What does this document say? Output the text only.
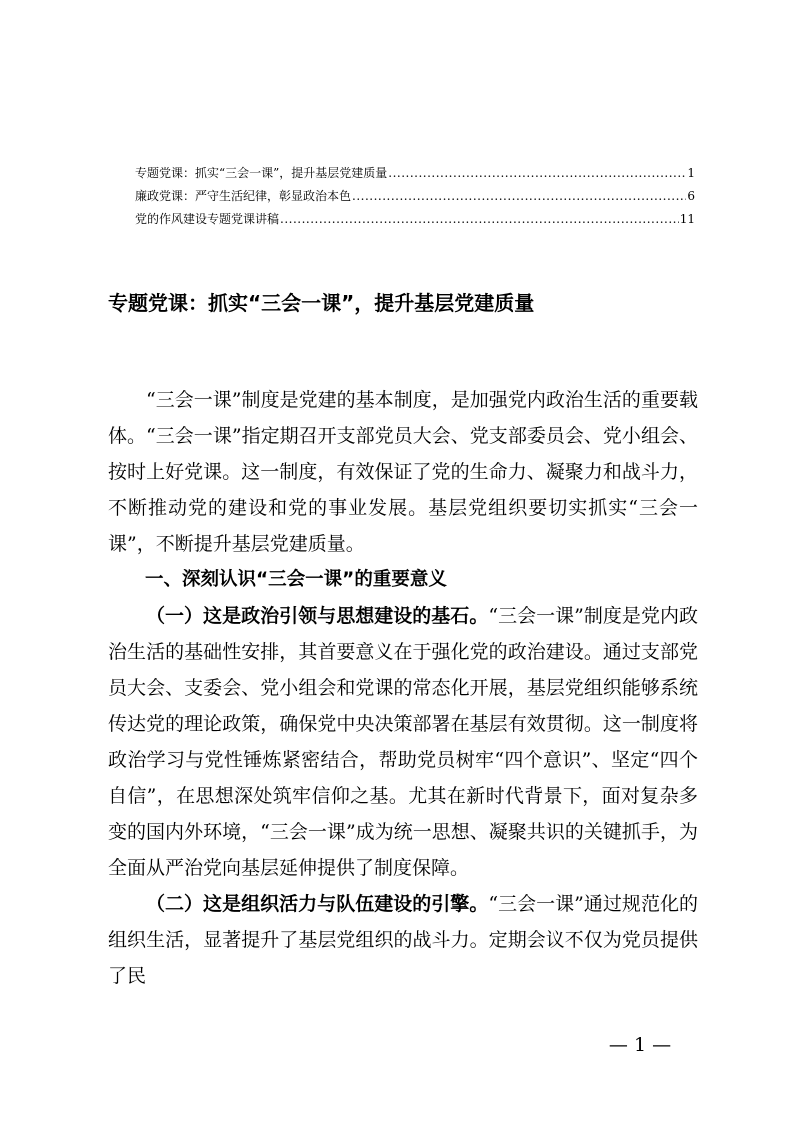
专题党课：抓实“三会一课”，提升基层党建质量 .....	1
廉政党课：严守生活纪律，彰显政治本色 .....	6
党的作风建设专题党课讲稿 .....	11
专题党课：抓实“三会一课”，提升基层党建质量

“三会一课”制度是党建的基本制度，是加强党内政治生活的重要载体。“三会一课”指定期召开支部党员大会、党支部委员会、党小组会、按时上好党课。这一制度，有效保证了党的生命力、凝聚力和战斗力，不断推动党的建设和党的事业发展。基层党组织要切实抓实“三会一课”，不断提升基层党建质量。

一、深刻认识“三会一课”的重要意义

（一）这是政治引领与思想建设的基石。“三会一课”制度是党内政治生活的基础性安排，其首要意义在于强化党的政治建设。通过支部党员大会、支委会、党小组会和党课的常态化开展，基层党组织能够系统传达党的理论政策，确保党中央决策部署在基层有效贯彻。这一制度将政治学习与党性锤炼紧密结合，帮助党员树牢“四个意识”、坚定“四个自信”，在思想深处筑牢信仰之基。尤其在新时代背景下，面对复杂多变的国内外环境，“三会一课”成为统一思想、凝聚共识的关键抓手，为全面从严治党向基层延伸提供了制度保障。

（二）这是组织活力与队伍建设的引擎。“三会一课”通过规范化的组织生活，显著提升了基层党组织的战斗力。定期会议不仅为党员提供了民

— 1 —
